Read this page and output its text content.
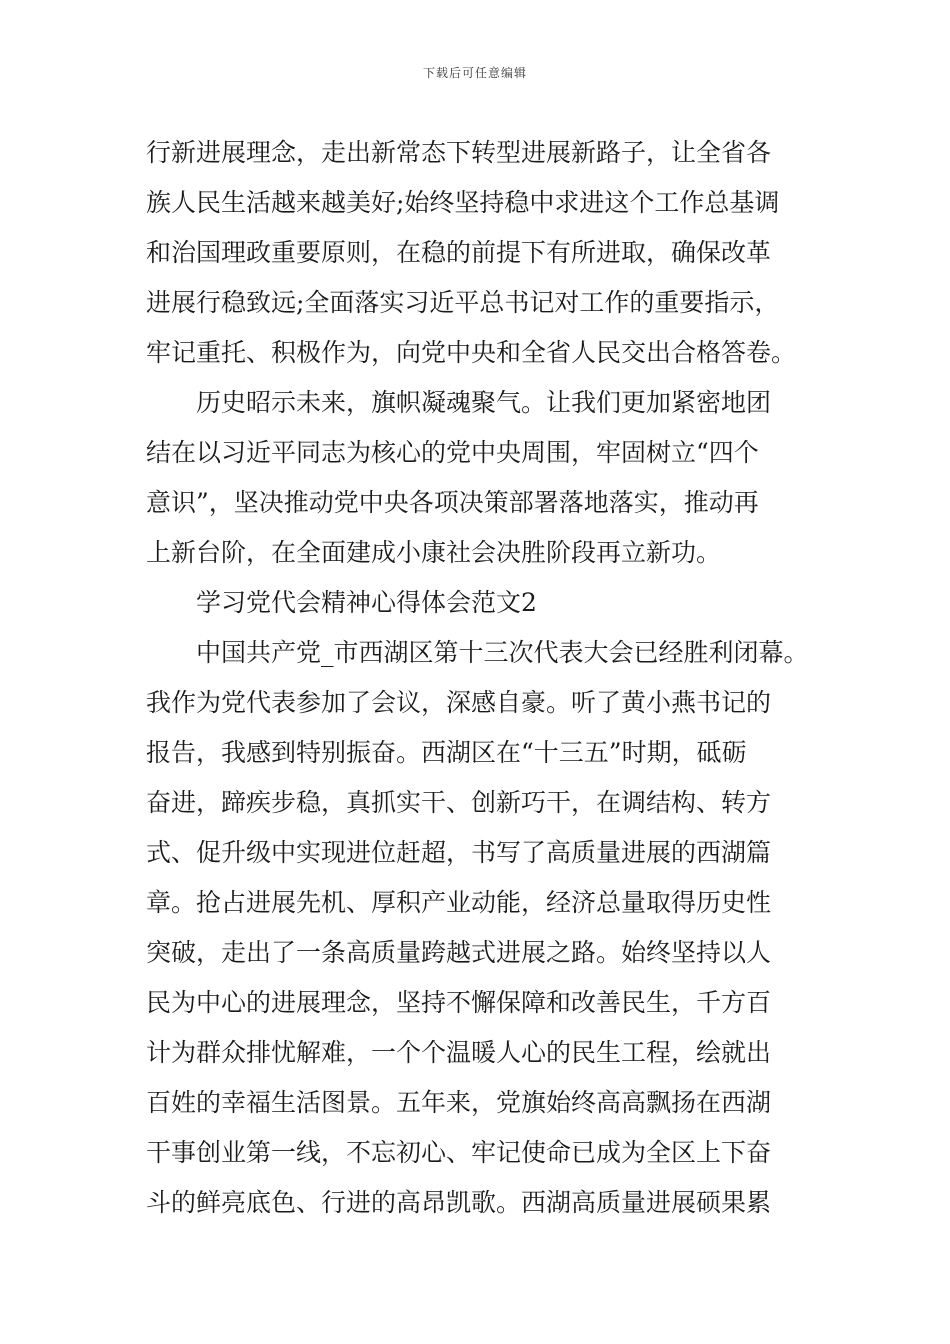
下载后可任意编辑
行新进展理念，走出新常态下转型进展新路子，让全省各
族人民生活越来越美好;始终坚持稳中求进这个工作总基调
和治国理政重要原则，在稳的前提下有所进取，确保改革
进展行稳致远;全面落实习近平总书记对工作的重要指示，
牢记重托、积极作为，向党中央和全省人民交出合格答卷。
历史昭示未来，旗帜凝魂聚气。让我们更加紧密地团
结在以习近平同志为核心的党中央周围，牢固树立“四个
意识”，坚决推动党中央各项决策部署落地落实，推动再
上新台阶，在全面建成小康社会决胜阶段再立新功。
学习党代会精神心得体会范文2
中国共产党_市西湖区第十三次代表大会已经胜利闭幕。
我作为党代表参加了会议，深感自豪。听了黄小燕书记的
报告，我感到特别振奋。西湖区在“十三五”时期，砥砺
奋进，蹄疾步稳，真抓实干、创新巧干，在调结构、转方
式、促升级中实现进位赶超，书写了高质量进展的西湖篇
章。抢占进展先机、厚积产业动能，经济总量取得历史性
突破，走出了一条高质量跨越式进展之路。始终坚持以人
民为中心的进展理念，坚持不懈保障和改善民生，千方百
计为群众排忧解难，一个个温暖人心的民生工程，绘就出
百姓的幸福生活图景。五年来，党旗始终高高飘扬在西湖
干事创业第一线，不忘初心、牢记使命已成为全区上下奋
斗的鲜亮底色、行进的高昂凯歌。西湖高质量进展硕果累
